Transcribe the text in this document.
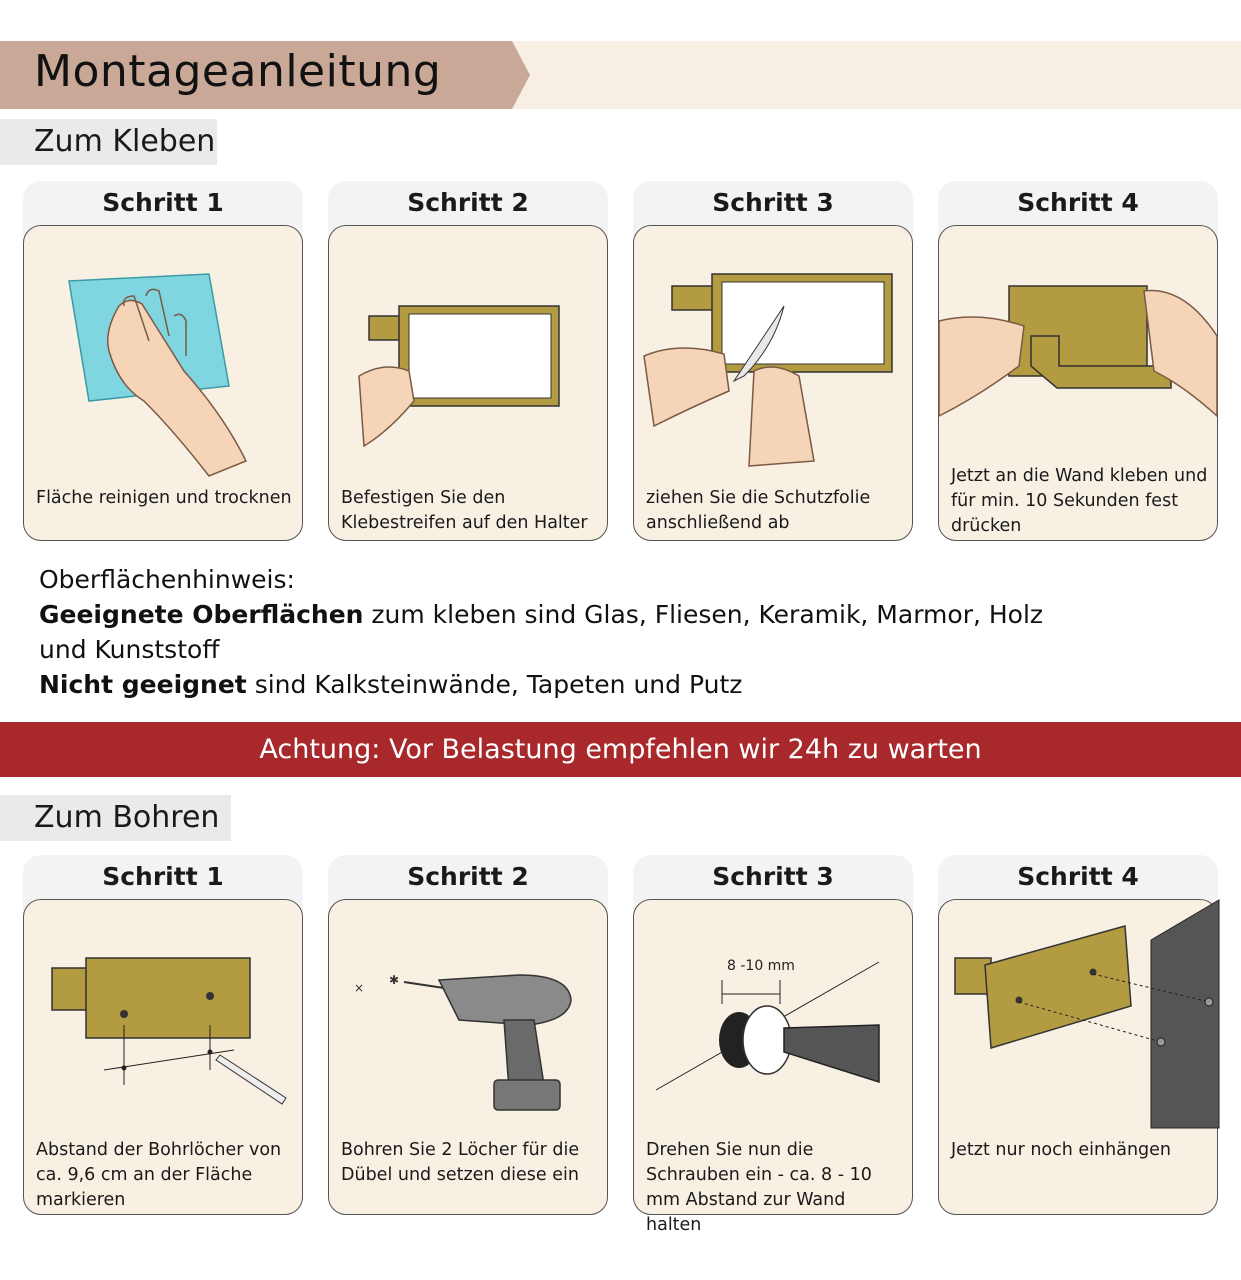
Montageanleitung
Zum Kleben
Schritt 1
Fläche reinigen und trocknen
Schritt 2
Befestigen Sie den Klebestreifen auf den Halter
Schritt 3
ziehen Sie die Schutzfolie anschließend ab
Schritt 4
Jetzt an die Wand kleben und für min. 10 Sekunden fest drücken
Oberflächenhinweis:
Geeignete Oberflächen zum kleben sind Glas, Fliesen, Keramik, Marmor, Holz
und Kunststoff
Nicht geeignet sind Kalksteinwände, Tapeten und Putz
Achtung: Vor Belastung empfehlen wir 24h zu warten
Zum Bohren
Schritt 1
Abstand der Bohrlöcher von ca. 9,6 cm an der Fläche markieren
Schritt 2
×
✱
Bohren Sie 2 Löcher für die Dübel und setzen diese ein
Schritt 3
8 -10 mm
Drehen Sie nun die Schrauben ein - ca. 8 - 10 mm Abstand zur Wand halten
Schritt 4
Jetzt nur noch einhängen
